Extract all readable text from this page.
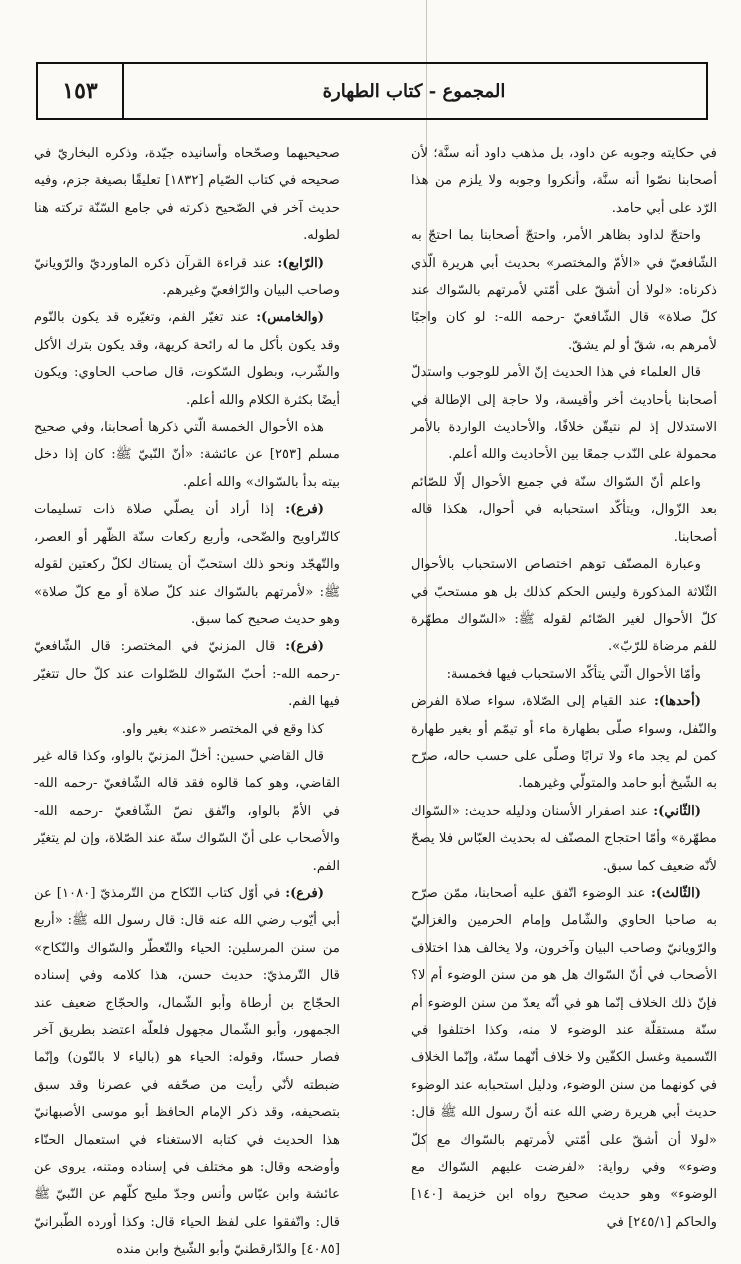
١٥٣	المجموع - كتاب الطهارة

في حكايته وجوبه عن داود، بل مذهب داود أنه سنَّة؛ لأن أصحابنا نصّوا أنه سنَّة، وأنكروا وجوبه ولا يلزم من هذا الرّد على أبي حامد.

واحتجّ لداود بظاهر الأمر، واحتجّ أصحابنا بما احتجّ به الشّافعيّ في «الأمّ والمختصر» بحديث أبي هريرة الّذي ذكرناه: «لولا أن أشقّ على أمّتي لأمرتهم بالسّواك عند كلّ صلاة» قال الشّافعيّ -رحمه الله-: لو كان واجبًا لأمرهم به، شقّ أو لم يشقّ.

قال العلماء في هذا الحديث إنّ الأمر للوجوب واستدلّ أصحابنا بأحاديث أخر وأقيسة، ولا حاجة إلى الإطالة في الاستدلال إذ لم نتيقّن خلافًا، والأحاديث الواردة بالأمر محمولة على النّدب جمعًا بين الأحاديث والله أعلم.

واعلم أنّ السّواك سنّة في جميع الأحوال إلّا للصّائم بعد الزّوال، ويتأكّد استحبابه في أحوال، هكذا قاله أصحابنا.

وعبارة المصنّف توهم اختصاص الاستحباب بالأحوال الثّلاثة المذكورة وليس الحكم كذلك بل هو مستحبّ في كلّ الأحوال لغير الصّائم لقوله ﷺ: «السّواك مطهّرة للفم مرضاة للرّبّ».

وأمّا الأحوال الّتي يتأكّد الاستحباب فيها فخمسة:

(أحدها): عند القيام إلى الصّلاة، سواء صلاة الفرض والنّفل، وسواء صلّى بطهارة ماء أو تيمّم أو بغير طهارة كمن لم يجد ماء ولا ترابًا وصلّى على حسب حاله، صرّح به الشّيخ أبو حامد والمتولّي وغيرهما.

(الثّاني): عند اصفرار الأسنان ودليله حديث: «السّواك مطهّرة» وأمّا احتجاج المصنّف له بحديث العبّاس فلا يصحّ لأنّه ضعيف كما سبق.

(الثّالث): عند الوضوء اتّفق عليه أصحابنا، ممّن صرّح به صاحبا الحاوي والشّامل وإمام الحرمين والغزاليّ والرّويانيّ وصاحب البيان وآخرون، ولا يخالف هذا اختلاف الأصحاب في أنّ السّواك هل هو من سنن الوضوء أم لا؟ فإنّ ذلك الخلاف إنّما هو في أنّه يعدّ من سنن الوضوء أم سنّة مستقلّة عند الوضوء لا منه، وكذا اختلفوا في التّسمية وغسل الكفّين ولا خلاف أنّهما سنّة، وإنّما الخلاف في كونهما من سنن الوضوء، ودليل استحبابه عند الوضوء حديث أبي هريرة رضي الله عنه أنّ رسول الله ﷺ قال: «لولا أن أشقّ على أمّتي لأمرتهم بالسّواك مع كلّ وضوء» وفي رواية: «لفرضت عليهم السّواك مع الوضوء» وهو حديث صحيح رواه ابن خزيمة [١٤٠] والحاكم [٢٤٥/١] في

صحيحيهما وصحّحاه وأسانيده جيّدة، وذكره البخاريّ في صحيحه في كتاب الصّيام [١٨٣٢] تعليقًا بصيغة جزم، وفيه حديث آخر في الصّحيح ذكرته في جامع السّنّة تركته هنا لطوله.

(الرّابع): عند قراءة القرآن ذكره الماورديّ والرّويانيّ وصاحب البيان والرّافعيّ وغيرهم.

(والخامس): عند تغيّر الفم، وتغيّره قد يكون بالنّوم وقد يكون بأكل ما له رائحة كريهة، وقد يكون بترك الأكل والشّرب، وبطول السّكوت، قال صاحب الحاوي: ويكون أيضًا بكثرة الكلام والله أعلم.

هذه الأحوال الخمسة الّتي ذكرها أصحابنا، وفي صحيح مسلم [٢٥٣] عن عائشة: «أنّ النّبيّ ﷺ: كان إذا دخل بيته بدأ بالسّواك» والله أعلم.

(فرع): إذا أراد أن يصلّي صلاة ذات تسليمات كالتّراويح والضّحى، وأربع ركعات سنّة الظّهر أو العصر، والتّهجّد ونحو ذلك استحبّ أن يستاك لكلّ ركعتين لقوله ﷺ: «لأمرتهم بالسّواك عند كلّ صلاة أو مع كلّ صلاة» وهو حديث صحيح كما سبق.

(فرع): قال المزنيّ في المختصر: قال الشّافعيّ -رحمه الله-: أحبّ السّواك للصّلوات عند كلّ حال تتغيّر فيها الفم.

كذا وقع في المختصر «عند» بغير واو.

قال القاضي حسين: أخلّ المزنيّ بالواو، وكذا قاله غير القاضي، وهو كما قالوه فقد قاله الشّافعيّ -رحمه الله- في الأمّ بالواو، واتّفق نصّ الشّافعيّ -رحمه الله- والأصحاب على أنّ السّواك سنّة عند الصّلاة، وإن لم يتغيّر الفم.

(فرع): في أوّل كتاب النّكاح من التّرمذيّ [١٠٨٠] عن أبي أيّوب رضي الله عنه قال: قال رسول الله ﷺ: «أربع من سنن المرسلين: الحياء والتّعطّر والسّواك والنّكاح» قال التّرمذيّ: حديث حسن، هذا كلامه وفي إسناده الحجّاج بن أرطاة وأبو الشّمال، والحجّاج ضعيف عند الجمهور، وأبو الشّمال مجهول فلعلّه اعتضد بطريق آخر فصار حسنًا، وقوله: الحياء هو (بالياء لا بالنّون) وإنّما ضبطته لأنّي رأيت من صحّفه في عصرنا وقد سبق بتصحيفه، وقد ذكر الإمام الحافظ أبو موسى الأصبهانيّ هذا الحديث في كتابه الاستغناء في استعمال الحنّاء وأوضحه وقال: هو مختلف في إسناده ومتنه، يروى عن عائشة وابن عبّاس وأنس وجدّ مليح كلّهم عن النّبيّ ﷺ قال: واتّفقوا على لفظ الحياء قال: وكذا أورده الطّبرانيّ [٤٠٨٥] والدّارقطنيّ وأبو الشّيخ وابن منده
